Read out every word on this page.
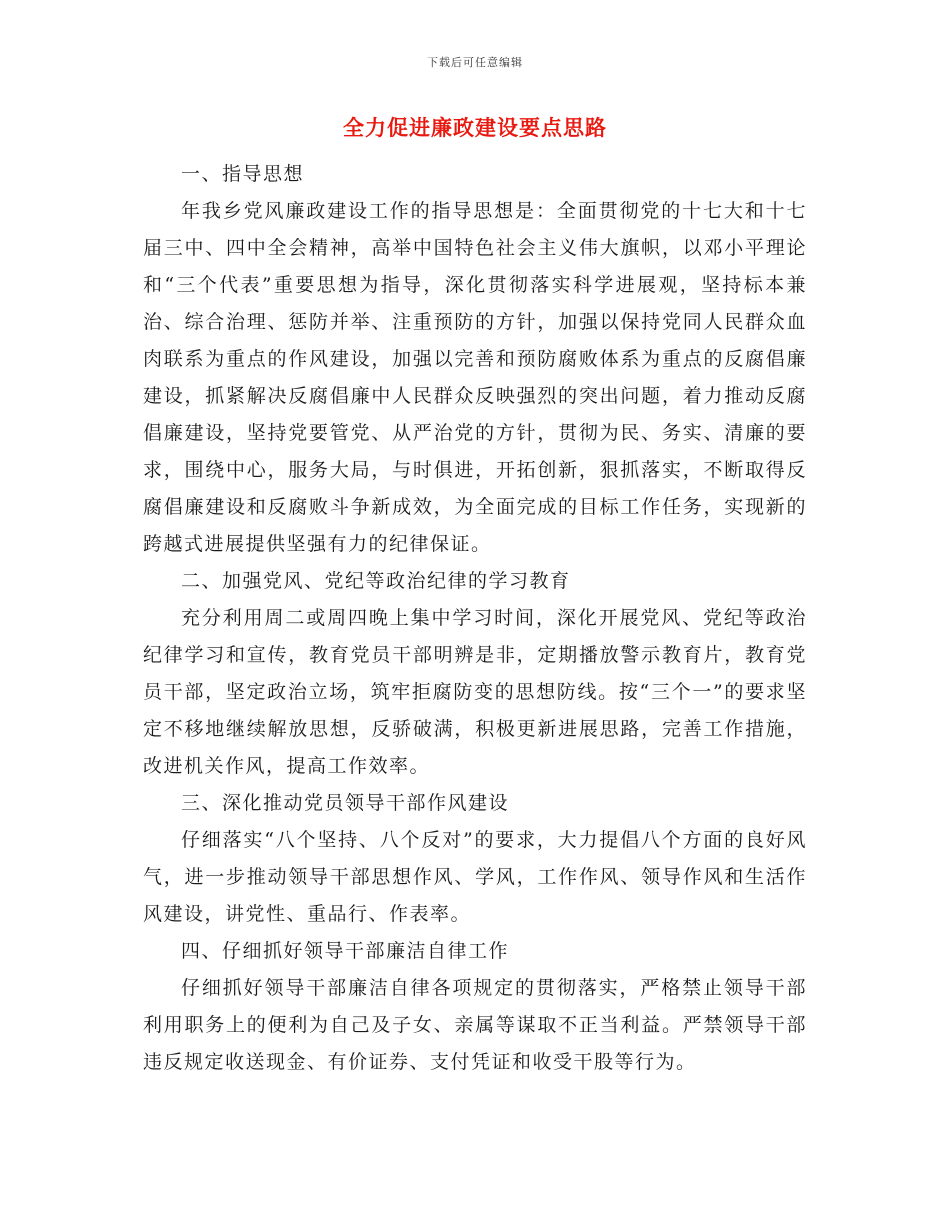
下载后可任意编辑
全力促进廉政建设要点思路

一、指导思想

年我乡党风廉政建设工作的指导思想是：全面贯彻党的十七大和十七届三中、四中全会精神，高举中国特色社会主义伟大旗帜，以邓小平理论和“三个代表”重要思想为指导，深化贯彻落实科学进展观，坚持标本兼治、综合治理、惩防并举、注重预防的方针，加强以保持党同人民群众血肉联系为重点的作风建设，加强以完善和预防腐败体系为重点的反腐倡廉建设，抓紧解决反腐倡廉中人民群众反映强烈的突出问题，着力推动反腐倡廉建设，坚持党要管党、从严治党的方针，贯彻为民、务实、清廉的要求，围绕中心，服务大局，与时俱进，开拓创新，狠抓落实，不断取得反腐倡廉建设和反腐败斗争新成效，为全面完成的目标工作任务，实现新的跨越式进展提供坚强有力的纪律保证。

二、加强党风、党纪等政治纪律的学习教育

充分利用周二或周四晚上集中学习时间，深化开展党风、党纪等政治纪律学习和宣传，教育党员干部明辨是非，定期播放警示教育片，教育党员干部，坚定政治立场，筑牢拒腐防变的思想防线。按“三个一”的要求坚定不移地继续解放思想，反骄破满，积极更新进展思路，完善工作措施，改进机关作风，提高工作效率。

三、深化推动党员领导干部作风建设

仔细落实“八个坚持、八个反对”的要求，大力提倡八个方面的良好风气，进一步推动领导干部思想作风、学风，工作作风、领导作风和生活作风建设，讲党性、重品行、作表率。

四、仔细抓好领导干部廉洁自律工作

仔细抓好领导干部廉洁自律各项规定的贯彻落实，严格禁止领导干部利用职务上的便利为自己及子女、亲属等谋取不正当利益。严禁领导干部违反规定收送现金、有价证券、支付凭证和收受干股等行为。
